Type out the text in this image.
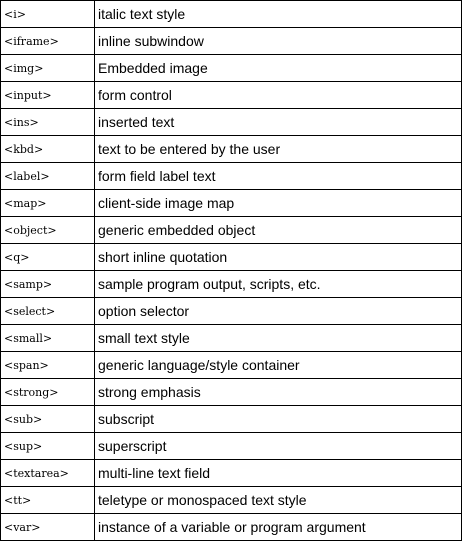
<i>	italic text style
<iframe>	inline subwindow
<img>	Embedded image
<input>	form control
<ins>	inserted text
<kbd>	text to be entered by the user
<label>	form field label text
<map>	client-side image map
<object>	generic embedded object
<q>	short inline quotation
<samp>	sample program output, scripts, etc.
<select>	option selector
<small>	small text style
<span>	generic language/style container
<strong>	strong emphasis
<sub>	subscript
<sup>	superscript
<textarea>	multi-line text field
<tt>	teletype or monospaced text style
<var>	instance of a variable or program argument
